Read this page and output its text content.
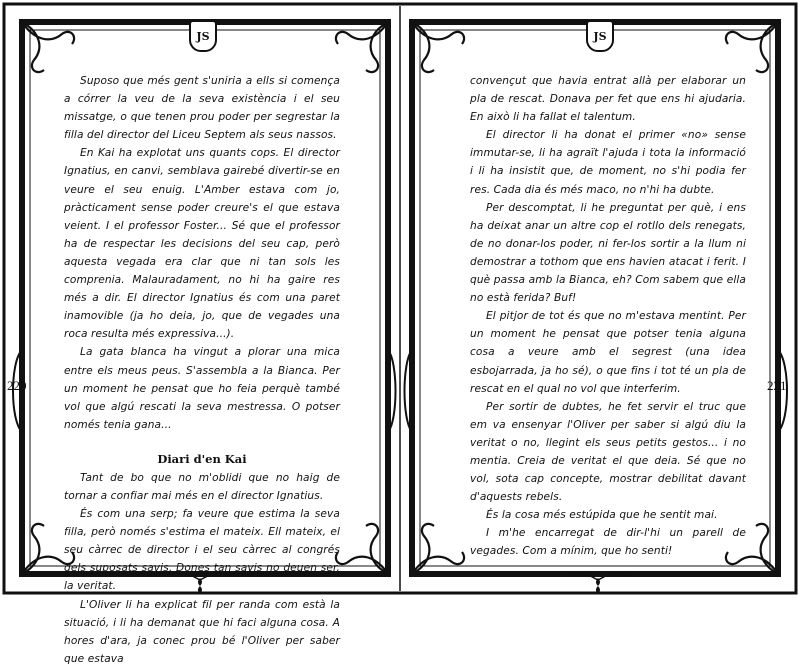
JS	JS
220	221

Suposo que més gent s'uniria a ells si comença a córrer la veu de la seva existència i el seu missatge, o que tenen prou poder per segrestar la filla del director del Liceu Septem als seus nassos.

En Kai ha explotat uns quants cops. El director Ignatius, en canvi, semblava gairebé divertir-se en veure el seu enuig. L'Amber estava com jo, pràcticament sense poder creure's el que estava veient. I el professor Foster... Sé que el professor ha de respectar les decisions del seu cap, però aquesta vegada era clar que ni tan sols les comprenia. Malauradament, no hi ha gaire res més a dir. El director Ignatius és com una paret inamovible (ja ho deia, jo, que de vegades una roca resulta més expressiva...).

La gata blanca ha vingut a plorar una mica entre els meus peus. S'assembla a la Bianca. Per un moment he pensat que ho feia perquè també vol que algú rescati la seva mestressa. O potser només tenia gana...

Diari d'en Kai

Tant de bo que no m'oblidi que no haig de tornar a confiar mai més en el director Ignatius.

És com una serp; fa veure que estima la seva filla, però només s'estima el mateix. Ell mateix, el seu càrrec de director i el seu càrrec al congrés dels suposats savis. Dones tan savis no deuen ser, la veritat.

L'Oliver li ha explicat fil per randa com està la situació, i li ha demanat que hi faci alguna cosa. A hores d'ara, ja conec prou bé l'Oliver per saber que estava

convençut que havia entrat allà per elaborar un pla de rescat. Donava per fet que ens hi ajudaria. En això li ha fallat el talentum.

El director li ha donat el primer «no» sense immutar-se, li ha agraït l'ajuda i tota la informació i li ha insistit que, de moment, no s'hi podia fer res. Cada dia és més maco, no n'hi ha dubte.

Per descomptat, li he preguntat per què, i ens ha deixat anar un altre cop el rotllo dels renegats, de no donar-los poder, ni fer-los sortir a la llum ni demostrar a tothom que ens havien atacat i ferit. I què passa amb la Bianca, eh? Com sabem que ella no està ferida? Buf!

El pitjor de tot és que no m'estava mentint. Per un moment he pensat que potser tenia alguna cosa a veure amb el segrest (una idea esbojarrada, ja ho sé), o que fins i tot té un pla de rescat en el qual no vol que interferim.

Per sortir de dubtes, he fet servir el truc que em va ensenyar l'Oliver per saber si algú diu la veritat o no, llegint els seus petits gestos... i no mentia. Creia de veritat el que deia. Sé que no vol, sota cap concepte, mostrar debilitat davant d'aquests rebels.

És la cosa més estúpida que he sentit mai.

I m'he encarregat de dir-l'hi un parell de vegades. Com a mínim, que ho senti!
